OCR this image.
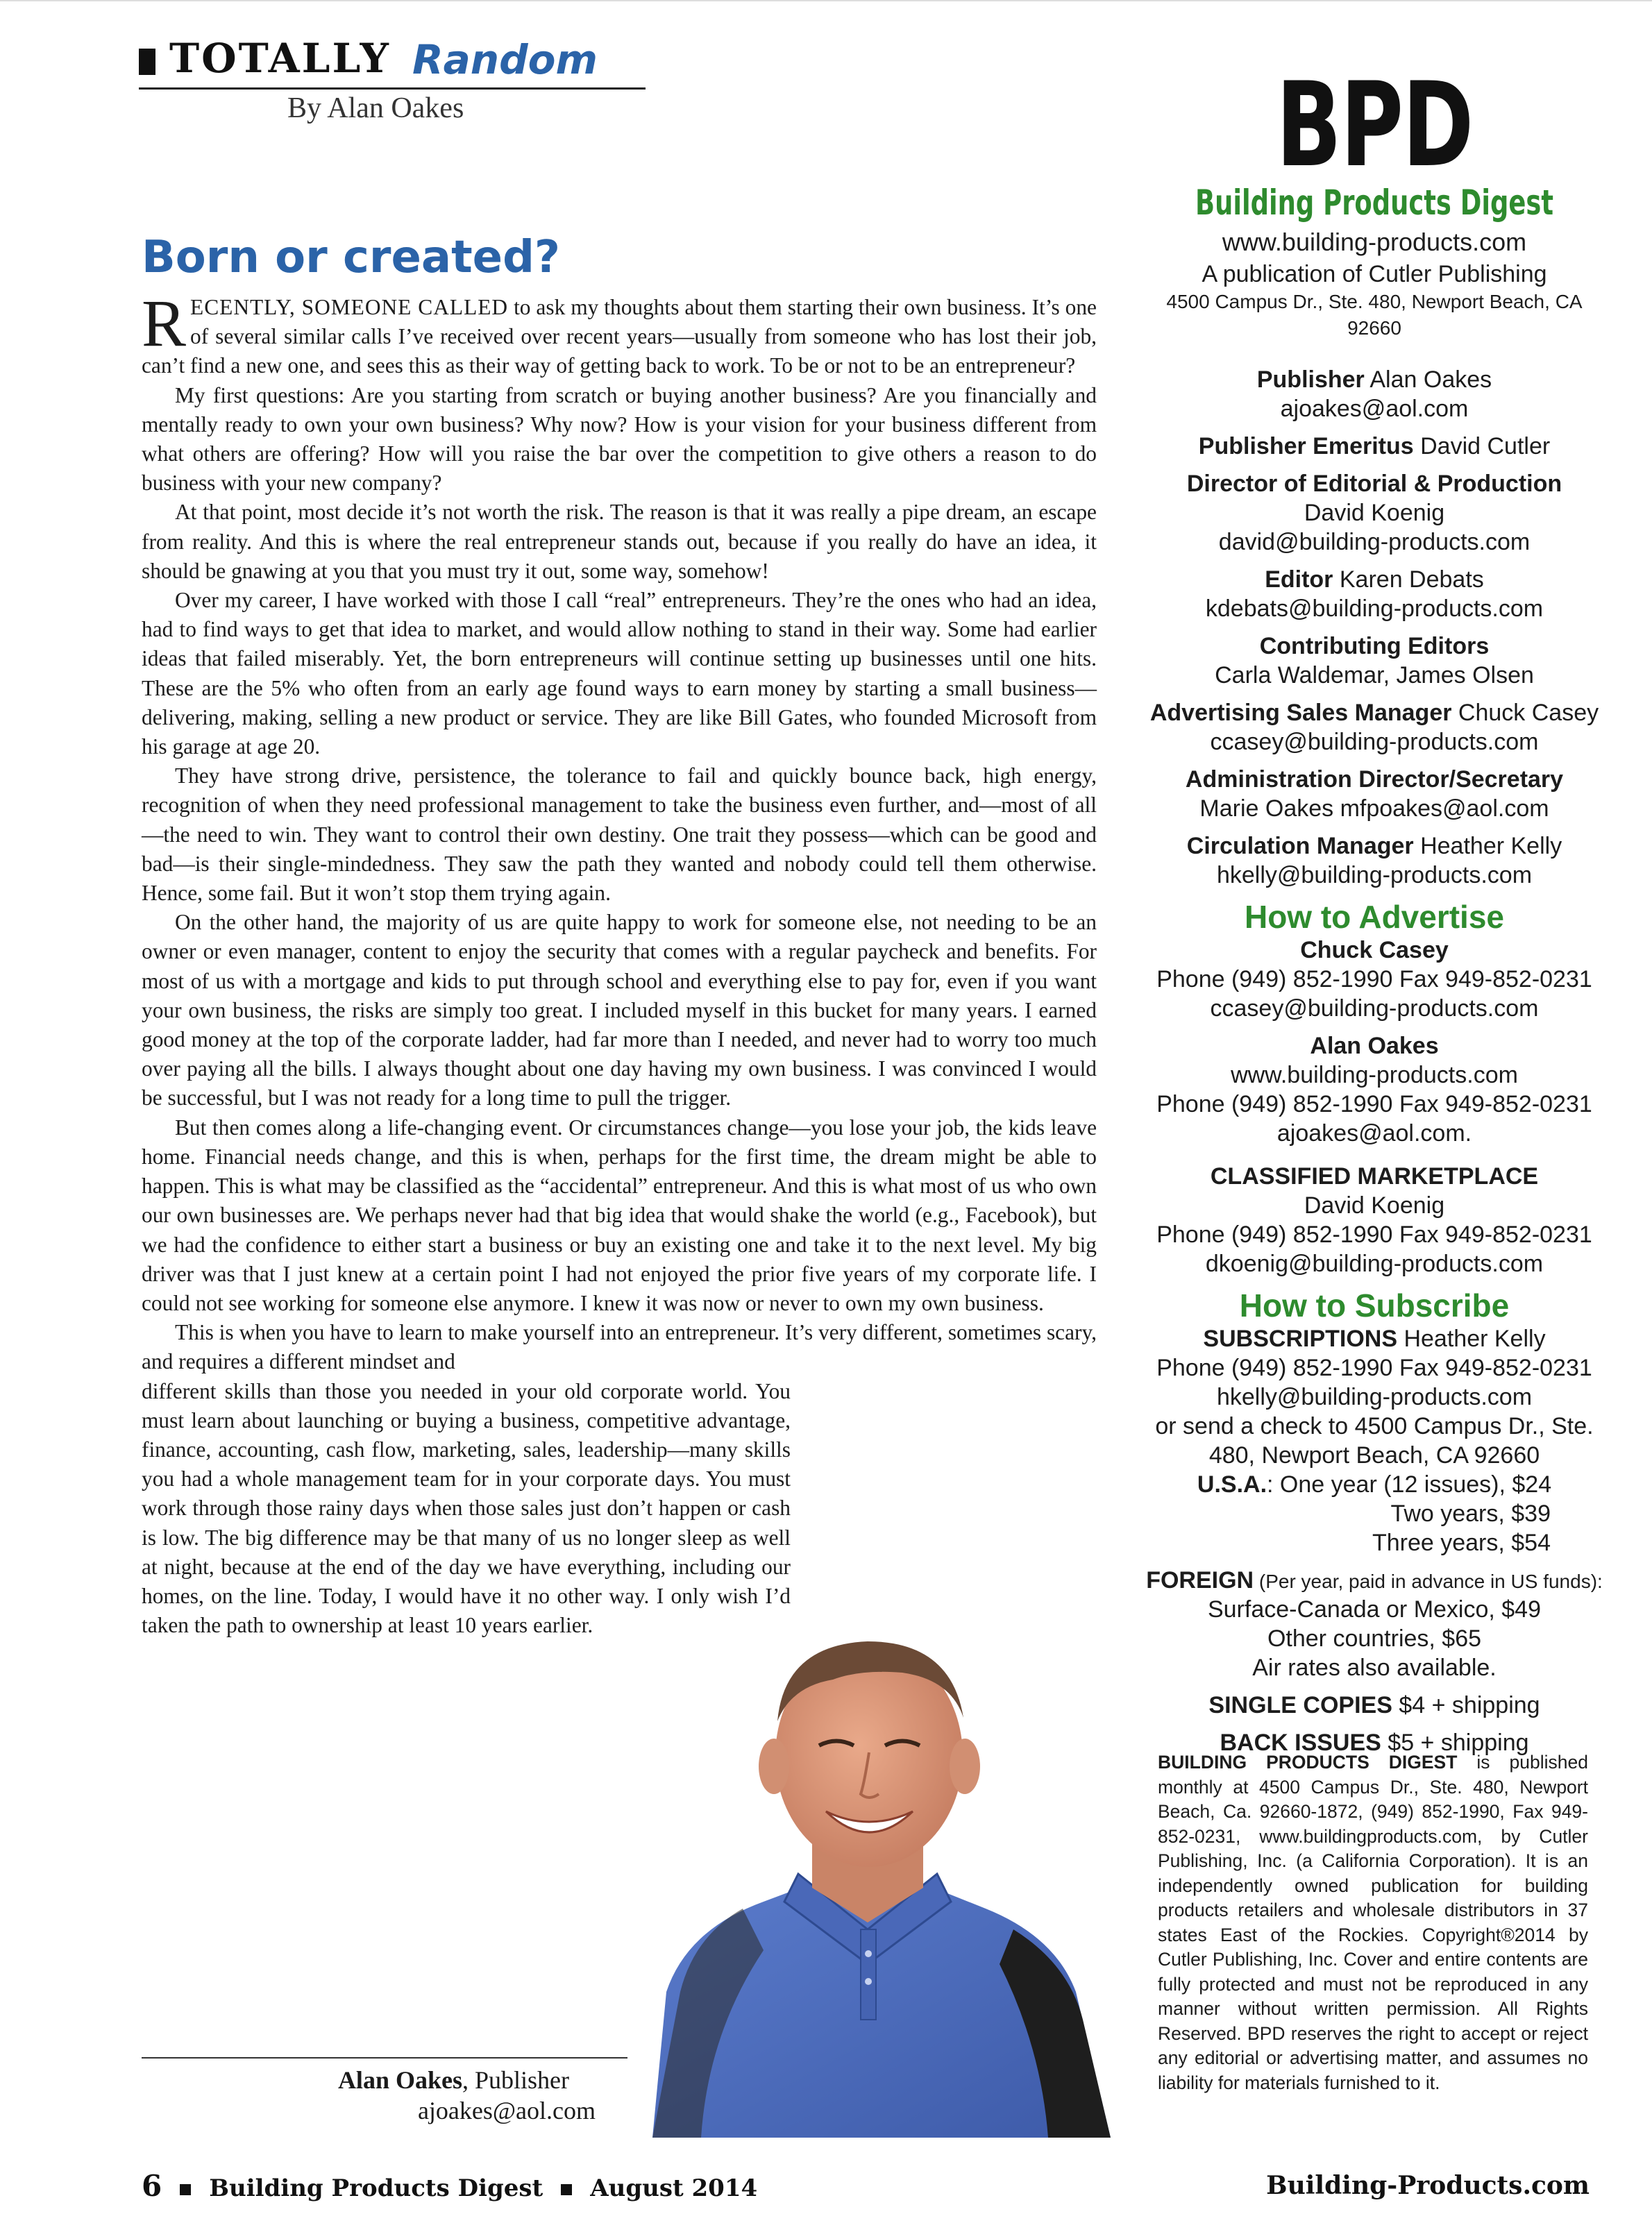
TOTALLY Random
By Alan Oakes
Born or created?

RECENTLY, SOMEONE CALLED to ask my thoughts about them starting their own business. It’s one of several similar calls I’ve received over recent years—usually from someone who has lost their job, can’t find a new one, and sees this as their way of getting back to work. To be or not to be an entrepreneur?

My first questions: Are you starting from scratch or buying another business? Are you financially and mentally ready to own your own business? Why now? How is your vision for your business different from what others are offering? How will you raise the bar over the competition to give others a reason to do business with your new company?

At that point, most decide it’s not worth the risk. The reason is that it was really a pipe dream, an escape from reality. And this is where the real entrepreneur stands out, because if you really do have an idea, it should be gnawing at you that you must try it out, some way, somehow!

Over my career, I have worked with those I call “real” entrepreneurs. They’re the ones who had an idea, had to find ways to get that idea to market, and would allow nothing to stand in their way. Some had earlier ideas that failed miserably. Yet, the born entrepreneurs will continue setting up businesses until one hits. These are the 5% who often from an early age found ways to earn money by starting a small business—delivering, making, selling a new product or service. They are like Bill Gates, who founded Microsoft from his garage at age 20.

They have strong drive, persistence, the tolerance to fail and quickly bounce back, high energy, recognition of when they need professional management to take the business even further, and—most of all—the need to win. They want to control their own destiny. One trait they possess—which can be good and bad—is their single-mindedness. They saw the path they wanted and nobody could tell them otherwise. Hence, some fail. But it won’t stop them trying again.

On the other hand, the majority of us are quite happy to work for someone else, not needing to be an owner or even manager, content to enjoy the security that comes with a regular paycheck and benefits. For most of us with a mortgage and kids to put through school and everything else to pay for, even if you want your own business, the risks are simply too great. I included myself in this bucket for many years. I earned good money at the top of the corporate ladder, had far more than I needed, and never had to worry too much over paying all the bills. I always thought about one day having my own business. I was convinced I would be successful, but I was not ready for a long time to pull the trigger.

But then comes along a life-changing event. Or circumstances change—you lose your job, the kids leave home. Financial needs change, and this is when, perhaps for the first time, the dream might be able to happen. This is what may be classified as the “accidental” entrepreneur. And this is what most of us who own our own businesses are. We perhaps never had that big idea that would shake the world (e.g., Facebook), but we had the confidence to either start a business or buy an existing one and take it to the next level. My big driver was that I just knew at a certain point I had not enjoyed the prior five years of my corporate life. I could not see working for someone else anymore. I knew it was now or never to own my own business.

This is when you have to learn to make yourself into an entrepreneur. It’s very different, sometimes scary, and requires a different mindset and

different skills than those you needed in your old corporate world. You must learn about launching or buying a business, competitive advantage, finance, accounting, cash flow, marketing, sales, leadership—many skills you had a whole management team for in your corporate days. You must work through those rainy days when those sales just don’t happen or cash is low. The big difference may be that many of us no longer sleep as well at night, because at the end of the day we have everything, including our homes, on the line. Today, I would have it no other way. I only wish I’d taken the path to ownership at least 10 years earlier.

Alan Oakes, Publisher
ajoakes@aol.com
6 Building Products Digest August 2014	Building-Products.com
BPD
Building Products Digest
www.building-products.com
A publication of Cutler Publishing
4500 Campus Dr., Ste. 480, Newport Beach, CA 92660
Publisher Alan Oakes
ajoakes@aol.com
Publisher Emeritus David Cutler
Director of Editorial & Production
David Koenig
david@building-products.com
Editor Karen Debats
kdebats@building-products.com
Contributing Editors
Carla Waldemar, James Olsen
Advertising Sales Manager Chuck Casey
ccasey@building-products.com
Administration Director/Secretary
Marie Oakes mfpoakes@aol.com
Circulation Manager Heather Kelly
hkelly@building-products.com
How to Advertise
Chuck Casey
Phone (949) 852-1990 Fax 949-852-0231
ccasey@building-products.com
Alan Oakes
www.building-products.com
Phone (949) 852-1990 Fax 949-852-0231
ajoakes@aol.com.
CLASSIFIED MARKETPLACE
David Koenig
Phone (949) 852-1990 Fax 949-852-0231
dkoenig@building-products.com
How to Subscribe
SUBSCRIPTIONS Heather Kelly
Phone (949) 852-1990 Fax 949-852-0231
hkelly@building-products.com
or send a check to 4500 Campus Dr., Ste.
480, Newport Beach, CA 92660
U.S.A.: One year (12 issues), $24
Two years, $39
Three years, $54
FOREIGN (Per year, paid in advance in US funds):
Surface-Canada or Mexico, $49
Other countries, $65
Air rates also available.
SINGLE COPIES $4 + shipping
BACK ISSUES $5 + shipping
BUILDING PRODUCTS DIGEST is published monthly at 4500 Campus Dr., Ste. 480, Newport Beach, Ca. 92660-1872, (949) 852-1990, Fax 949-852-0231, www.buildingproducts.com, by Cutler Publishing, Inc. (a California Corporation). It is an independently owned publication for building products retailers and wholesale distributors in 37 states East of the Rockies. Copyright®2014 by Cutler Publishing, Inc. Cover and entire contents are fully protected and must not be reproduced in any manner without written permission. All Rights Reserved. BPD reserves the right to accept or reject any editorial or advertising matter, and assumes no liability for materials furnished to it.
